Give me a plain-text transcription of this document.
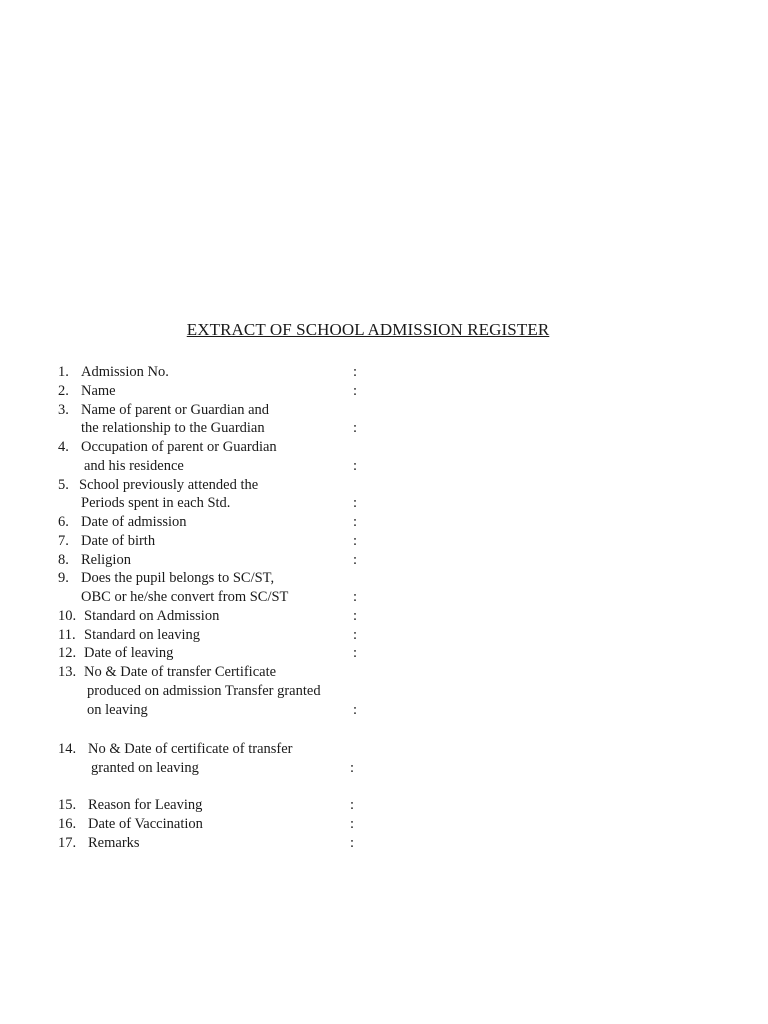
EXTRACT OF SCHOOL ADMISSION REGISTER
1. Admission No.	:
2. Name	:
3. Name of parent or Guardian and
the relationship to the Guardian	:
4. Occupation of parent or Guardian
and his residence	:
5. School previously attended the
Periods spent in each Std.	:
6. Date of admission	:
7. Date of birth	:
8. Religion	:
9. Does the pupil belongs to SC/ST,
OBC or he/she convert from SC/ST	:
10. Standard on Admission	:
11. Standard on leaving	:
12. Date of leaving	:
13. No & Date of transfer Certificate
produced on admission Transfer granted
on leaving	:
14. No & Date of certificate of transfer
granted on leaving	:
15. Reason for Leaving	:
16. Date of Vaccination	:
17. Remarks	:
